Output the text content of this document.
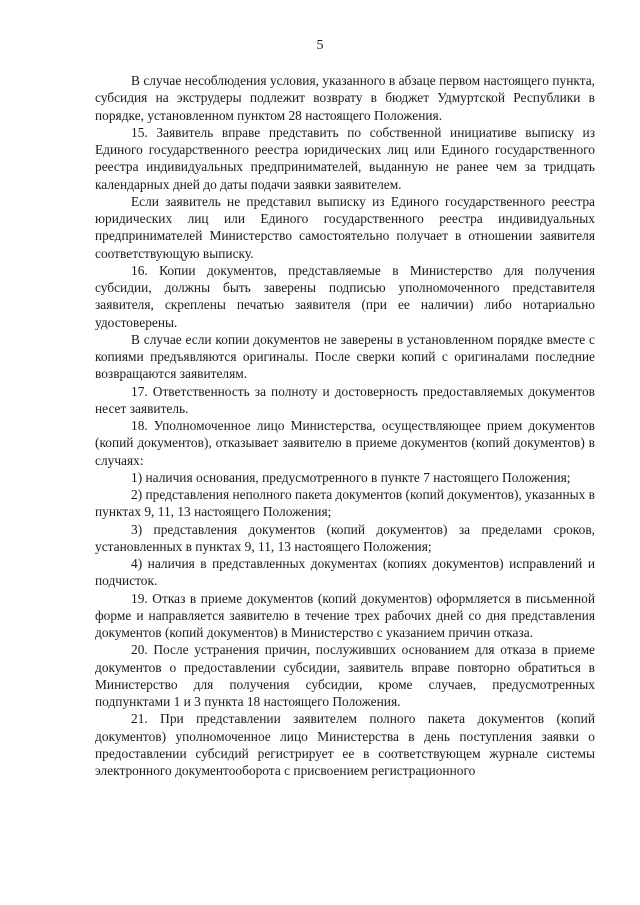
5

В случае несоблюдения условия, указанного в абзаце первом настоящего пункта, субсидия на экструдеры подлежит возврату в бюджет Удмуртской Республики в порядке, установленном пунктом 28 настоящего Положения.

15. Заявитель вправе представить по собственной инициативе выписку из Единого государственного реестра юридических лиц или Единого государственного реестра индивидуальных предпринимателей, выданную не ранее чем за тридцать календарных дней до даты подачи заявки заявителем.

Если заявитель не представил выписку из Единого государственного реестра юридических лиц или Единого государственного реестра индивидуальных предпринимателей Министерство самостоятельно получает в отношении заявителя соответствующую выписку.

16. Копии документов, представляемые в Министерство для получения субсидии, должны быть заверены подписью уполномоченного представителя заявителя, скреплены печатью заявителя (при ее наличии) либо нотариально удостоверены.

В случае если копии документов не заверены в установленном порядке вместе с копиями предъявляются оригиналы. После сверки копий с оригиналами последние возвращаются заявителям.

17. Ответственность за полноту и достоверность предоставляемых документов несет заявитель.

18. Уполномоченное лицо Министерства, осуществляющее прием документов (копий документов), отказывает заявителю в приеме документов (копий документов) в случаях:

1) наличия основания, предусмотренного в пункте 7 настоящего Положения;

2) представления неполного пакета документов (копий документов), указанных в пунктах 9, 11, 13 настоящего Положения;

3) представления документов (копий документов) за пределами сроков, установленных в пунктах 9, 11, 13 настоящего Положения;

4) наличия в представленных документах (копиях документов) исправлений и подчисток.

19. Отказ в приеме документов (копий документов) оформляется в письменной форме и направляется заявителю в течение трех рабочих дней со дня представления документов (копий документов) в Министерство с указанием причин отказа.

20. После устранения причин, послуживших основанием для отказа в приеме документов о предоставлении субсидии, заявитель вправе повторно обратиться в Министерство для получения субсидии, кроме случаев, предусмотренных подпунктами 1 и 3 пункта 18 настоящего Положения.

21. При представлении заявителем полного пакета документов (копий документов) уполномоченное лицо Министерства в день поступления заявки о предоставлении субсидий регистрирует ее в соответствующем журнале системы электронного документооборота с присвоением регистрационного
